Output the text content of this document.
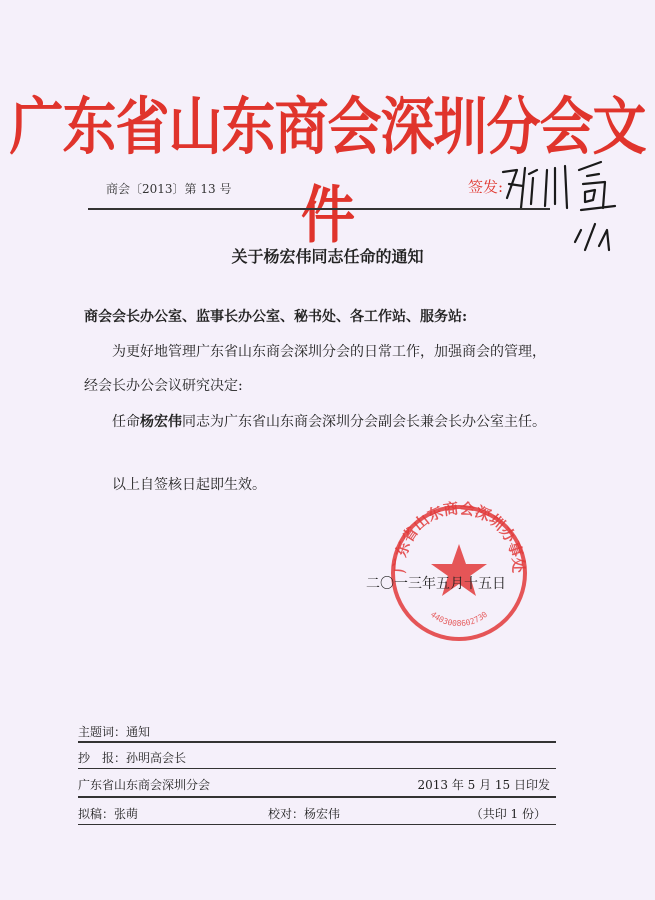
广东省山东商会深圳分会文件
商会〔2013〕第 13 号	签发:
关于杨宏伟同志任命的通知
商会会长办公室、监事长办公室、秘书处、各工作站、服务站:
为更好地管理广东省山东商会深圳分会的日常工作，加强商会的管理，
经会长办公会议研究决定:
任命杨宏伟同志为广东省山东商会深圳分会副会长兼会长办公室主任。
以上自签核日起即生效。
广东省山东商会深圳办事处
4403008602730
二〇一三年五月十五日
主题词：通知
抄　报：孙明高会长
广东省山东商会深圳分会	2013 年 5 月 15 日印发
拟稿：张萌	校对：杨宏伟	（共印 1 份）
